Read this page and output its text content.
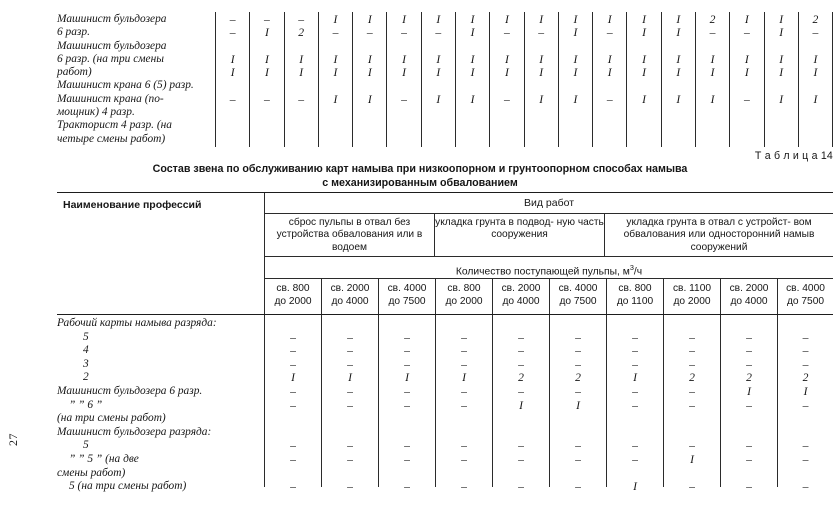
27
Машинист бульдозера
6 разр.
Машинист бульдозера
6 разр. (на три смены
работ)
Машинист крана 6 (5) разр.
Машинист крана (по-
мощник) 4 разр.
Тракторист 4 разр. (на
четыре смены работ)
–
–
I
I
–
–
I
I
I
–
–
2
I
I
–
I
–
I
I
I
I
–
I
I
I
I
–
I
I
–
I
–
I
I
I
I
I
I
I
I
I
–
I
I
–
I
–
I
I
I
I
I
I
I
I
I
–
I
I
–
I
I
I
I
I
I
I
I
I
I
2
–
I
I
I
I
–
I
I
–
I
I
I
I
I
2
–
I
I
I
Т а б л и ц а 14
Состав звена по обслуживанию карт намыва при низкоопорном и грунтоопорном способах намыва
с механизированным обвалованием
Наименование профессий	Вид работ
сброс пульпы в отвал без устройства обвалования или в водоем
укладка грунта в подвод- ную часть сооружения
укладка грунта в отвал с устройст- вом обвалования или односторонний намыв сооружений
Количество поступающей пульпы, $м^3/ч$
св. 800
до 2000
св. 2000
до 4000
св. 4000
до 7500
св. 800
до 2000
св. 2000
до 4000
св. 4000
до 7500
св. 800
до 1100
св. 1100
до 2000
св. 2000
до 4000
св. 4000
до 7500
Рабочий карты намыва разряда:
5
4
3
2
Машинист бульдозера 6 разр.
” ” 6 ”
(на три смены работ)
Машинист бульдозера разряда:
5
” ” 5 ” (на две
смены работ)
5 (на три смены работ)
–
–
–
I
–
–
–
–
–
–
–
–
I
–
–
–
–
–
–
–
–
I
–
–
–
–
–
–
–
–
I
–
–
–
–
–
–
–
–
2
–
I
–
–
–
–
–
–
2
–
I
–
–
–
–
–
–
I
–
–
–
–
I
–
–
–
2
–
–
–
I
–
–
–
–
2
I
–
–
–
–
–
–
–
2
I
–
–
–
–
